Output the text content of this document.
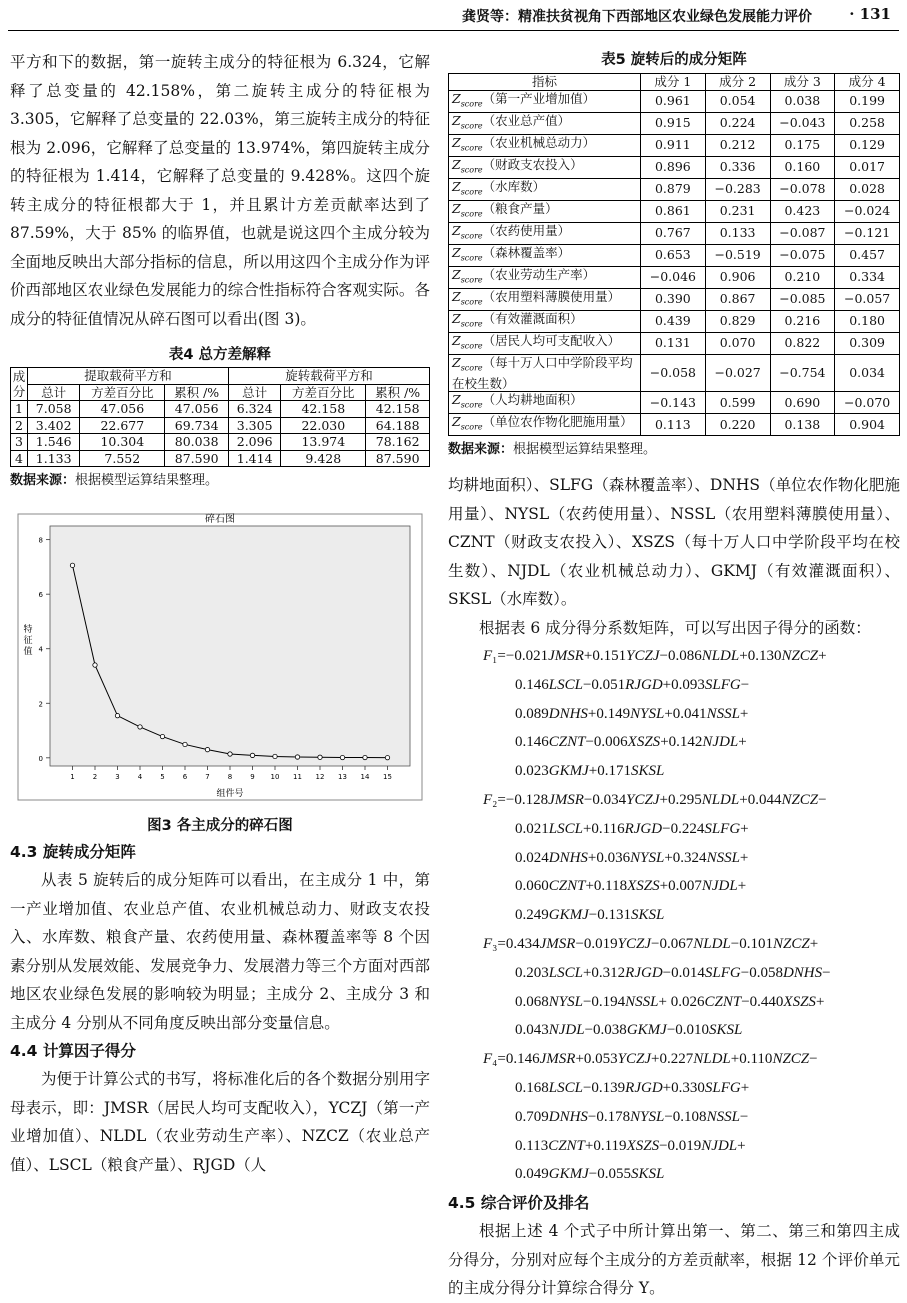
龚贤等：精准扶贫视角下西部地区农业绿色发展能力评价 · 131

平方和下的数据，第一旋转主成分的特征根为 6.324，它解释了总变量的 42.158%，第二旋转主成分的特征根为 3.305，它解释了总变量的 22.03%，第三旋转主成分的特征根为 2.096，它解释了总变量的 13.974%，第四旋转主成分的特征根为 1.414，它解释了总变量的 9.428%。这四个旋转主成分的特征根都大于 1，并且累计方差贡献率达到了 87.59%，大于 85% 的临界值，也就是说这四个主成分较为全面地反映出大部分指标的信息，所以用这四个主成分作为评价西部地区农业绿色发展能力的综合性指标符合客观实际。各成分的特征值情况从碎石图可以看出(图 3)。

表4 总方差解释

成分	提取载荷平方和			旋转载荷平方和		
	总计	方差百分比	累积 /%	总计	方差百分比	累积 /%
1	7.058	47.056	47.056	6.324	42.158	42.158
2	3.402	22.677	69.734	3.305	22.030	64.188
3	1.546	10.304	80.038	2.096	13.974	78.162
4	1.133	7.552	87.590	1.414	9.428	87.590

数据来源：根据模型运算结果整理。

碎石图
0
2
4
6
8
1	2	3	4	5	6	7	8	9 10 11 12 13 14 15
组件号
特
征
值

图3 各主成分的碎石图

4.3 旋转成分矩阵

从表 5 旋转后的成分矩阵可以看出，在主成分 1 中，第一产业增加值、农业总产值、农业机械总动力、财政支农投入、水库数、粮食产量、农药使用量、森林覆盖率等 8 个因素分别从发展效能、发展竞争力、发展潜力等三个方面对西部地区农业绿色发展的影响较为明显；主成分 2、主成分 3 和主成分 4 分别从不同角度反映出部分变量信息。

4.4 计算因子得分

为便于计算公式的书写，将标准化后的各个数据分别用字母表示，即：JMSR（居民人均可支配收入），YCZJ（第一产业增加值）、NLDL（农业劳动生产率）、NZCZ（农业总产值）、LSCL（粮食产量）、RJGD（人

表5 旋转后的成分矩阵

指标	成分 1	成分 2	成分 3	成分 4
$Z_{score}$（第一产业增加值）	0.961	0.054	0.038	0.199
$Z_{score}$（农业总产值）	0.915	0.224	−0.043	0.258
$Z_{score}$（农业机械总动力）	0.911	0.212	0.175	0.129
$Z_{score}$（财政支农投入）	0.896	0.336	0.160	0.017
$Z_{score}$（水库数）	0.879	−0.283	−0.078	0.028
$Z_{score}$（粮食产量）	0.861	0.231	0.423	−0.024
$Z_{score}$（农药使用量）	0.767	0.133	−0.087	−0.121
$Z_{score}$（森林覆盖率）	0.653	−0.519	−0.075	0.457
$Z_{score}$（农业劳动生产率）	−0.046	0.906	0.210	0.334
$Z_{score}$（农用塑料薄膜使用量）	0.390	0.867	−0.085	−0.057
$Z_{score}$（有效灌溉面积）	0.439	0.829	0.216	0.180
$Z_{score}$（居民人均可支配收入）	0.131	0.070	0.822	0.309
$Z_{score}$（每十万人口中学阶段平均在校生数）	−0.058	−0.027	−0.754	0.034
$Z_{score}$（人均耕地面积）	−0.143	0.599	0.690	−0.070
$Z_{score}$（单位农作物化肥施用量）	0.113	0.220	0.138	0.904

数据来源：根据模型运算结果整理。

均耕地面积）、SLFG（森林覆盖率）、DNHS（单位农作物化肥施用量）、NYSL（农药使用量）、NSSL（农用塑料薄膜使用量）、CZNT（财政支农投入）、XSZS（每十万人口中学阶段平均在校生数）、NJDL（农业机械总动力）、GKMJ（有效灌溉面积）、SKSL（水库数）。

根据表 6 成分得分系数矩阵，可以写出因子得分的函数：

F₁=−0.021JMSR+0.151YCZJ−0.086NLDL+0.130NZCZ+

0.146LSCL−0.051RJGD+0.093SLFG−

0.089DNHS+0.149NYSL+0.041NSSL+

0.146CZNT−0.006XSZS+0.142NJDL+

0.023GKMJ+0.171SKSL

F₂=−0.128JMSR−0.034YCZJ+0.295NLDL+0.044NZCZ−

0.021LSCL+0.116RJGD−0.224SLFG+

0.024DNHS+0.036NYSL+0.324NSSL+

0.060CZNT+0.118XSZS+0.007NJDL+

0.249GKMJ−0.131SKSL

F₃=0.434JMSR−0.019YCZJ−0.067NLDL−0.101NZCZ+

0.203LSCL+0.312RJGD−0.014SLFG−0.058DNHS−

0.068NYSL−0.194NSSL+ 0.026CZNT−0.440XSZS+

0.043NJDL−0.038GKMJ−0.010SKSL

F₄=0.146JMSR+0.053YCZJ+0.227NLDL+0.110NZCZ−

0.168LSCL−0.139RJGD+0.330SLFG+

0.709DNHS−0.178NYSL−0.108NSSL−

0.113CZNT+0.119XSZS−0.019NJDL+

0.049GKMJ−0.055SKSL

4.5 综合评价及排名

根据上述 4 个式子中所计算出第一、第二、第三和第四主成分得分，分别对应每个主成分的方差贡献率，根据 12 个评价单元的主成分得分计算综合得分 Y。
